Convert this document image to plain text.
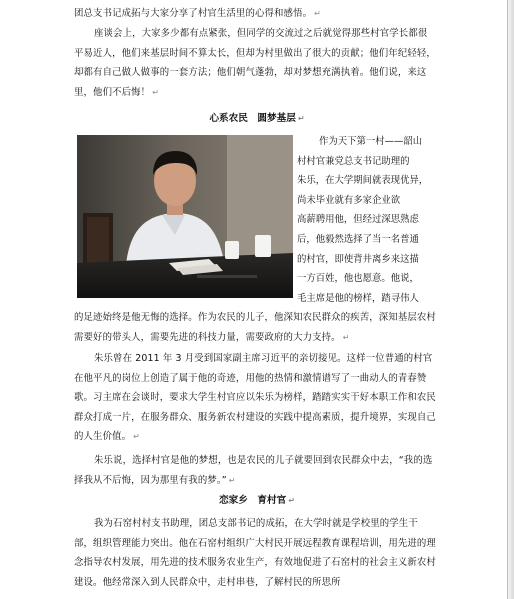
团总支书记成拓与大家分享了村官生活里的心得和感悟。 ↵
座谈会上，大家多少都有点紧张，但同学的交流过之后就觉得那些村官学长都很平易近人，他们来基层时间不算太长，但却为村里做出了很大的贡献；他们年纪轻轻，却都有自己做人做事的一套方法；他们朝气蓬勃，却对梦想充满执着。他们说，来这里，他们不后悔！ ↵
心系农民　圆梦基层 ↵
作为天下第一村——韶山
村村官兼党总支书记助理的
朱乐，在大学期间就表现优异，
尚未毕业就有多家企业欲
高薪聘用他，但经过深思熟虑
后，他毅然选择了当一名普通
的村官，即使背井离乡来这描
一方百姓，他也愿意。他说，
毛主席是他的榜样，踏寻伟人
的足迹始终是他无悔的选择。作为农民的儿子，他深知农民群众的疾苦，深知基层农村需要好的带头人，需要先进的科技力量，需要政府的大力支持。 ↵
朱乐曾在 2011 年 3 月受到国家副主席习近平的亲切接见。这样一位普通的村官在他平凡的岗位上创造了属于他的奇迹，用他的热情和激情谱写了一曲动人的青春赞歌。习主席在会谈时，要求大学生村官应以朱乐为榜样，踏踏实实干好本职工作和农民群众打成一片，在服务群众、服务新农村建设的实践中提高素质，提升境界，实现自己的人生价值。 ↵
朱乐说，选择村官是他的梦想，也是农民的儿子就要回到农民群众中去，“我的选择我从不后悔，因为那里有我的梦。” ↵
恋家乡　育村官 ↵
我为石窑村村支书助理，团总支部书记的成拓，在大学时就是学校里的学生干部，组织管理能力突出。他在石窑村组织广大村民开展远程教育课程培训，用先进的理念指导农村发展，用先进的技术服务农业生产，有效地促进了石窑村的社会主义新农村建设。他经常深入到人民群众中，走村串巷，了解村民的所思所
